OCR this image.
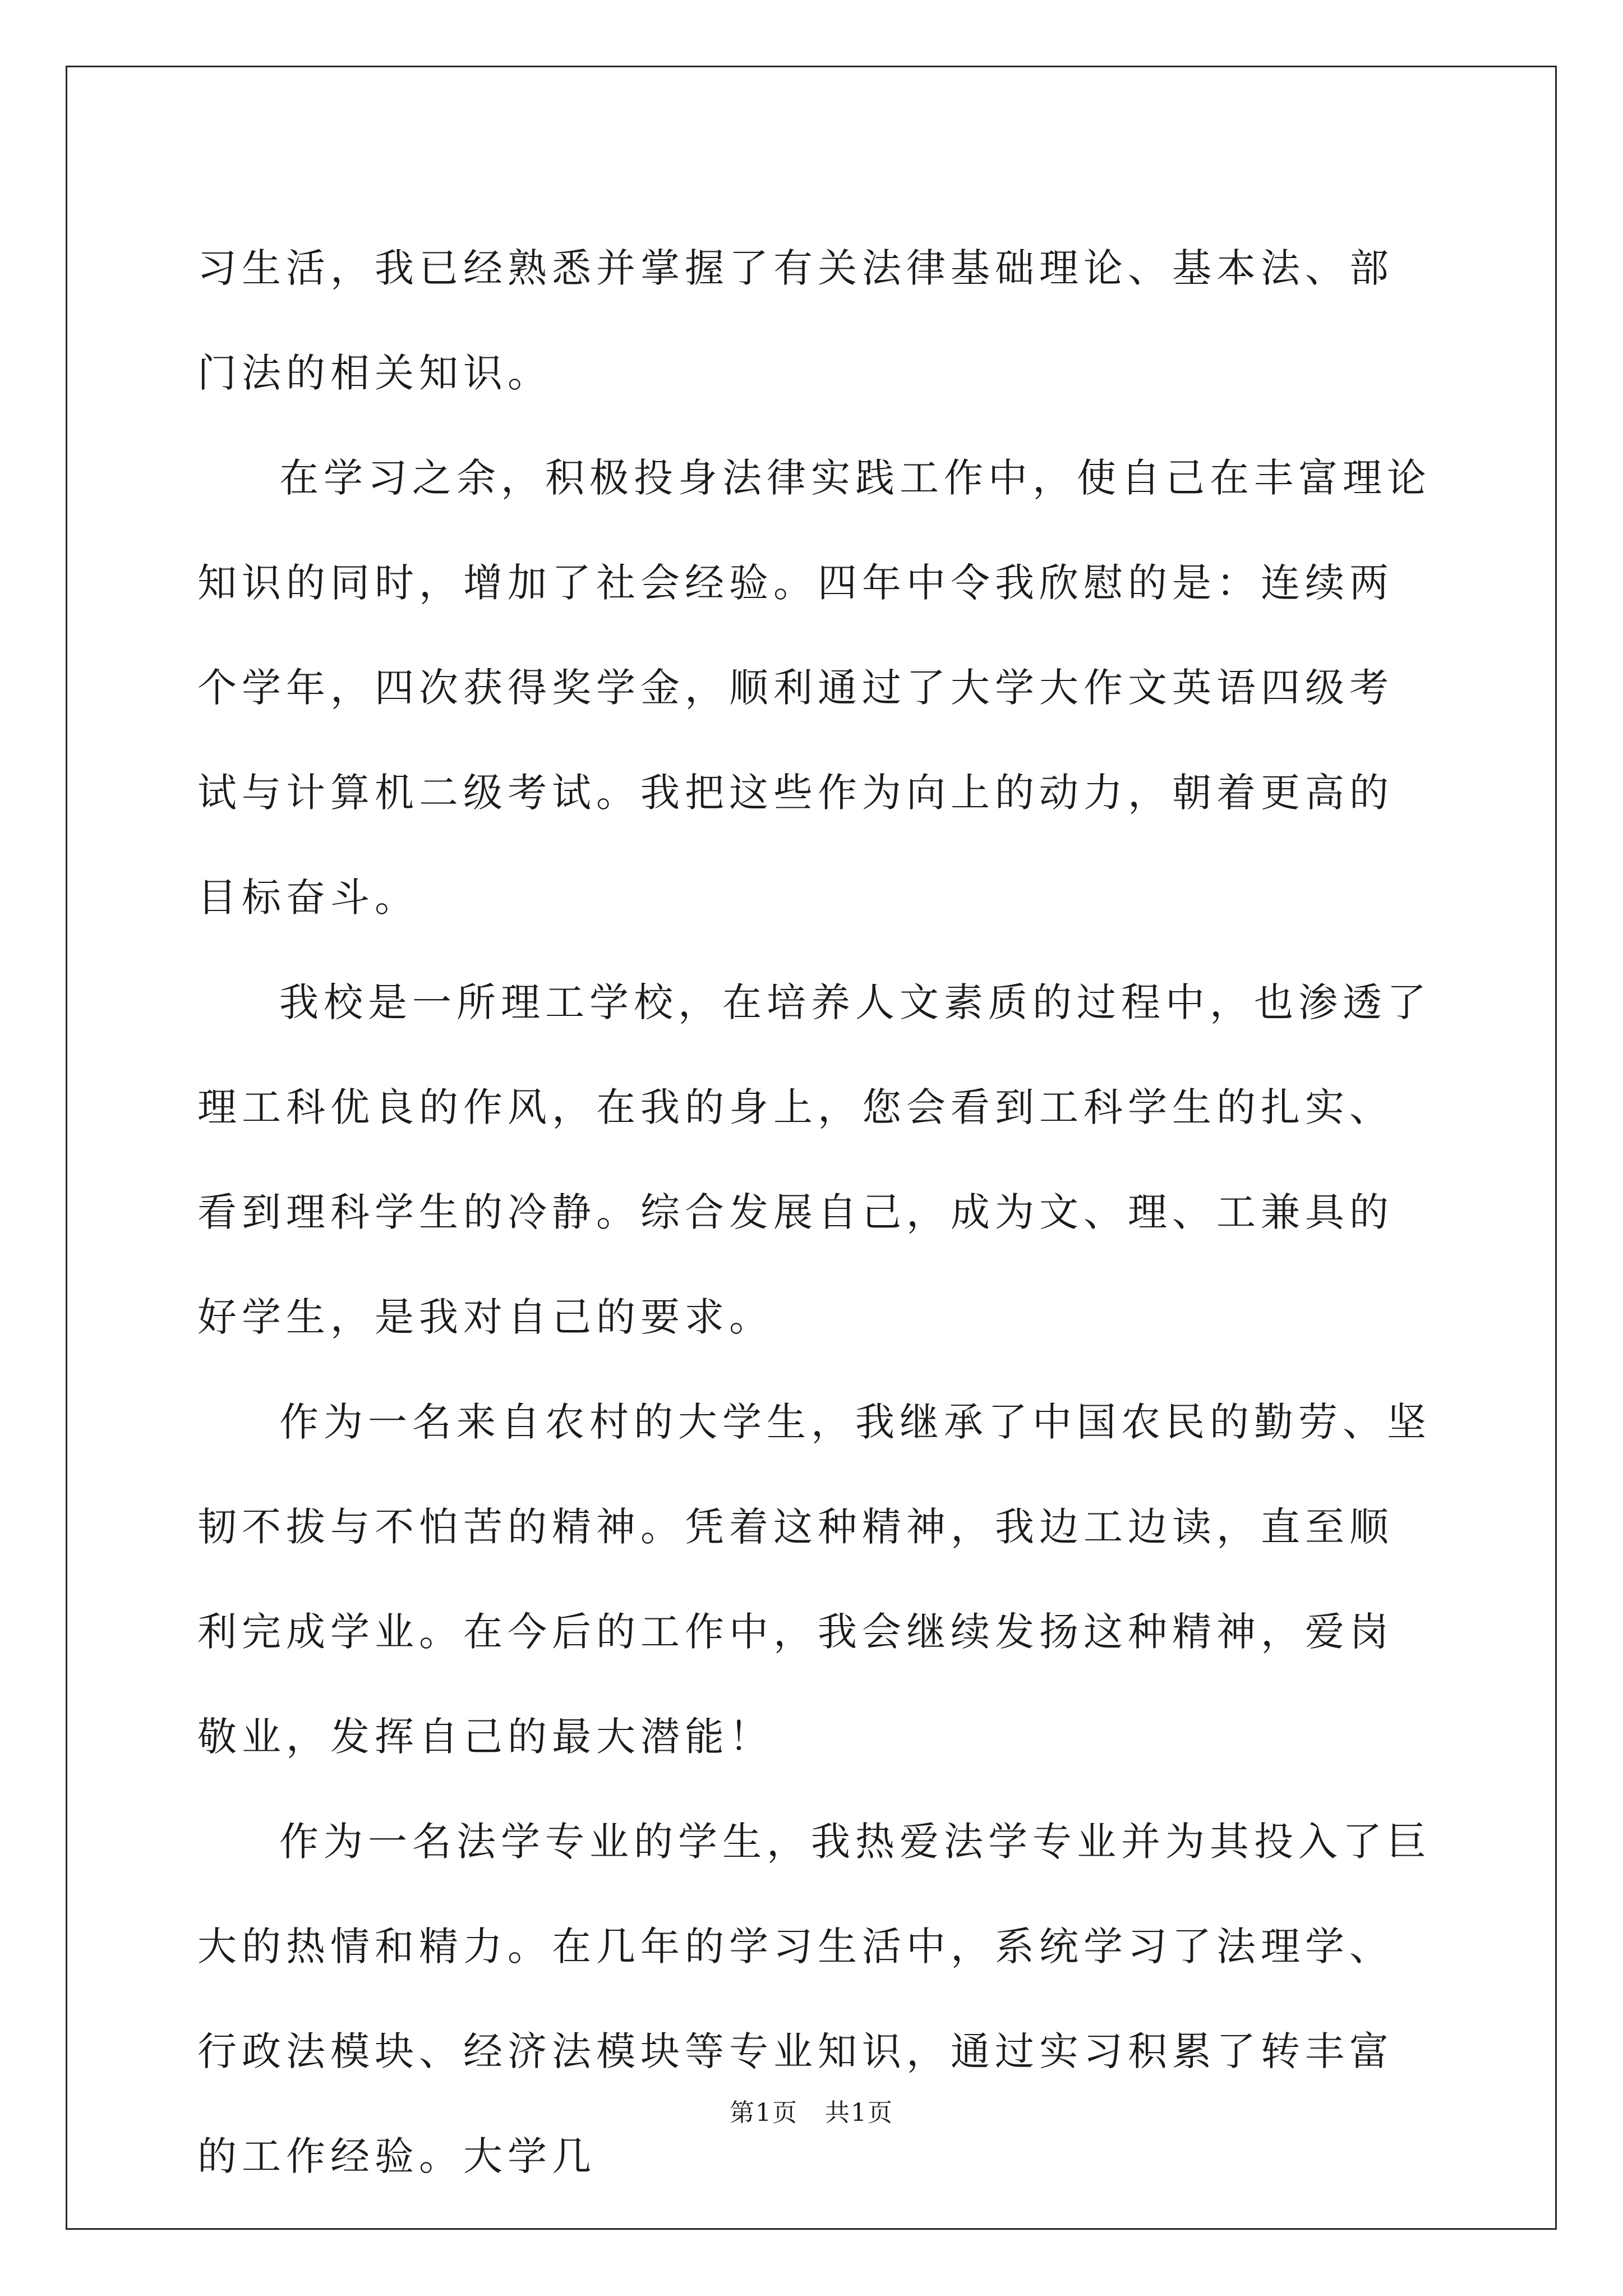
习生活，我已经熟悉并掌握了有关法律基础理论、基本法、部门法的相关知识。

在学习之余，积极投身法律实践工作中，使自己在丰富理论知识的同时，增加了社会经验。四年中令我欣慰的是：连续两个学年，四次获得奖学金，顺利通过了大学大作文英语四级考试与计算机二级考试。我把这些作为向上的动力，朝着更高的目标奋斗。

我校是一所理工学校，在培养人文素质的过程中，也渗透了理工科优良的作风，在我的身上，您会看到工科学生的扎实、看到理科学生的冷静。综合发展自己，成为文、理、工兼具的好学生，是我对自己的要求。

作为一名来自农村的大学生，我继承了中国农民的勤劳、坚韧不拔与不怕苦的精神。凭着这种精神，我边工边读，直至顺利完成学业。在今后的工作中，我会继续发扬这种精神，爱岗敬业，发挥自己的最大潜能！

作为一名法学专业的学生，我热爱法学专业并为其投入了巨大的热情和精力。在几年的学习生活中，系统学习了法理学、行政法模块、经济法模块等专业知识，通过实习积累了转丰富的工作经验。大学几

第1页 共1页
